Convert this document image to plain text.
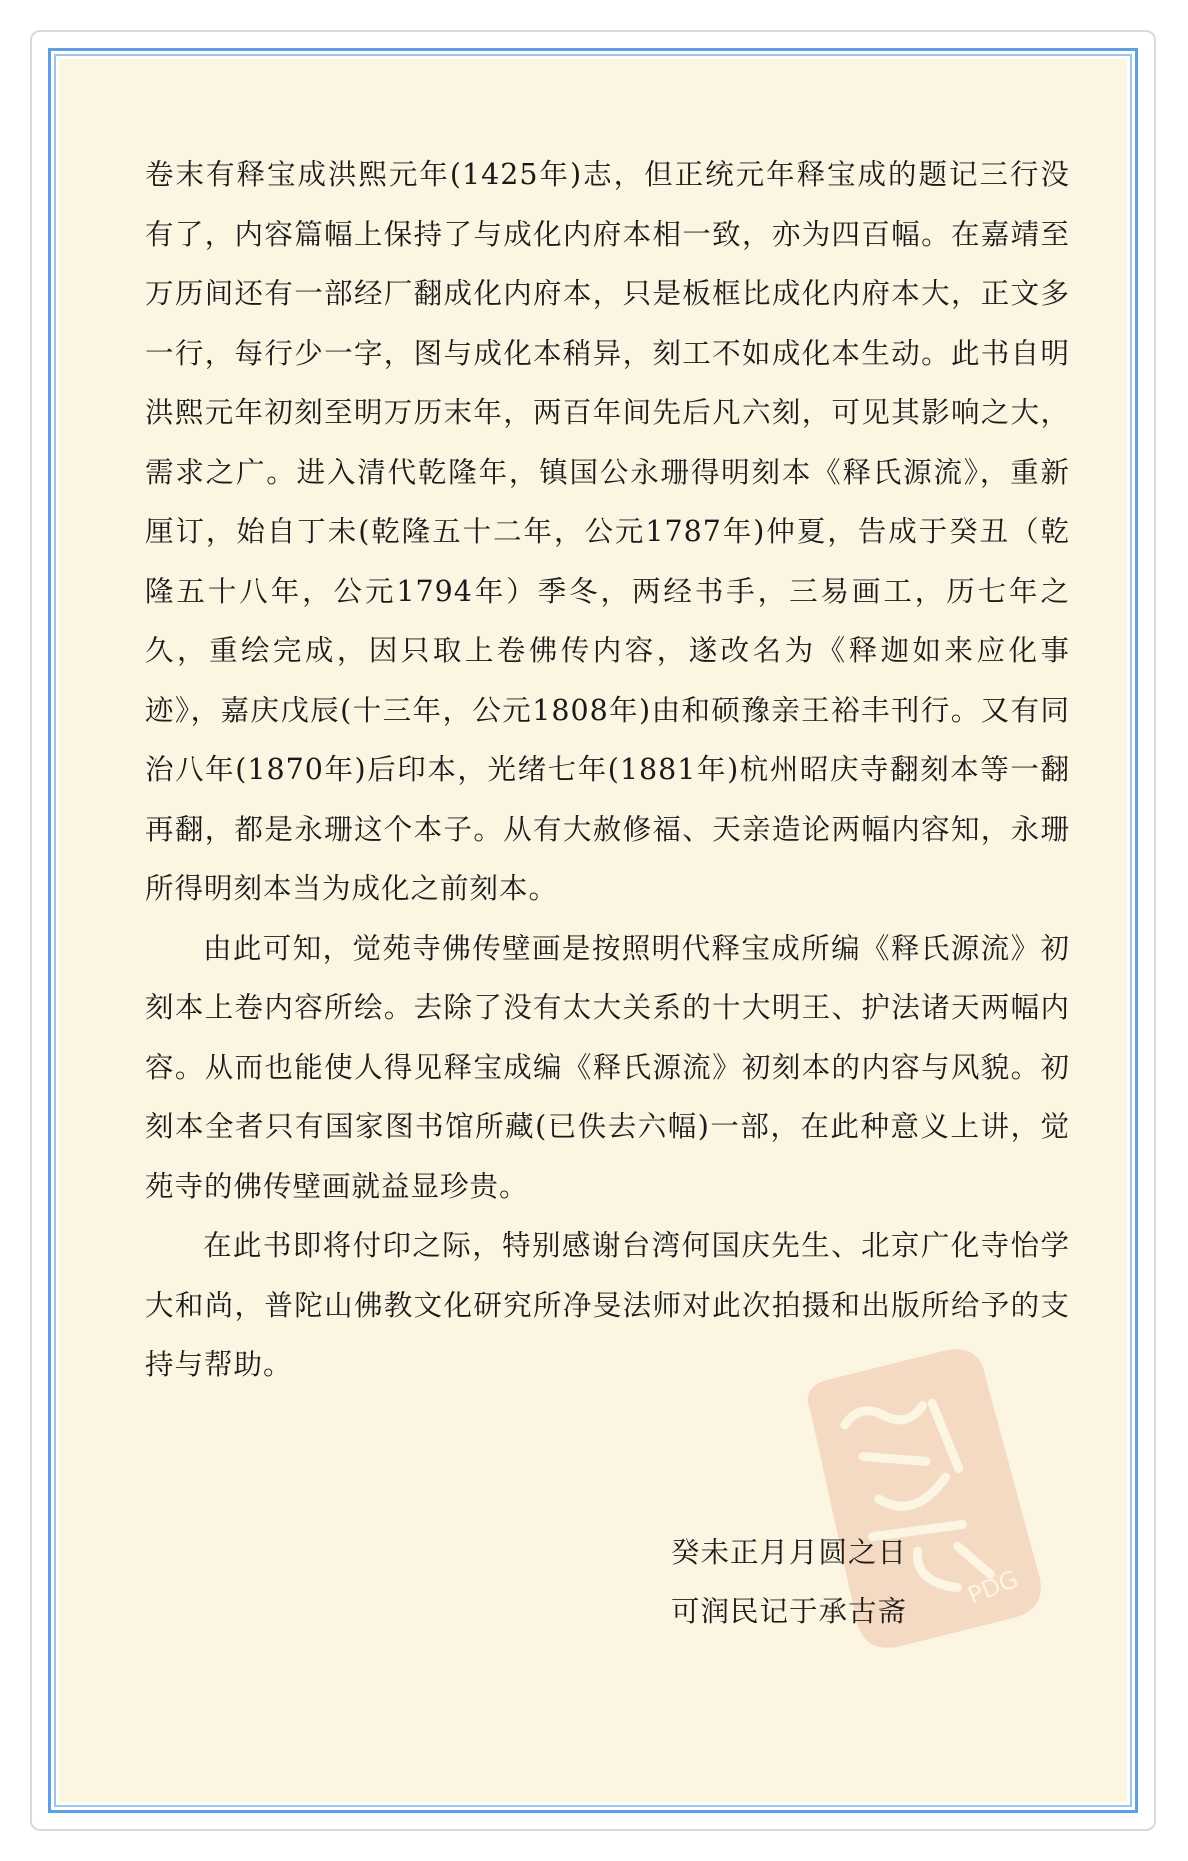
卷末有释宝成洪熙元年(1425年)志，但正统元年释宝成的题记三行没有了，内容篇幅上保持了与成化内府本相一致，亦为四百幅。在嘉靖至万历间还有一部经厂翻成化内府本，只是板框比成化内府本大，正文多一行，每行少一字，图与成化本稍异，刻工不如成化本生动。此书自明洪熙元年初刻至明万历末年，两百年间先后凡六刻，可见其影响之大，需求之广。进入清代乾隆年，镇国公永珊得明刻本《释氏源流》，重新厘订，始自丁未(乾隆五十二年，公元1787年)仲夏，告成于癸丑（乾隆五十八年，公元1794年）季冬，两经书手，三易画工，历七年之久，重绘完成，因只取上卷佛传内容，遂改名为《释迦如来应化事迹》，嘉庆戊辰(十三年，公元1808年)由和硕豫亲王裕丰刊行。又有同治八年(1870年)后印本，光绪七年(1881年)杭州昭庆寺翻刻本等一翻再翻，都是永珊这个本子。从有大赦修福、天亲造论两幅内容知，永珊所得明刻本当为成化之前刻本。

由此可知，觉苑寺佛传壁画是按照明代释宝成所编《释氏源流》初刻本上卷内容所绘。去除了没有太大关系的十大明王、护法诸天两幅内容。从而也能使人得见释宝成编《释氏源流》初刻本的内容与风貌。初刻本全者只有国家图书馆所藏(已佚去六幅)一部，在此种意义上讲，觉苑寺的佛传壁画就益显珍贵。

在此书即将付印之际，特别感谢台湾何国庆先生、北京广化寺怡学大和尚，普陀山佛教文化研究所净旻法师对此次拍摄和出版所给予的支持与帮助。

PDG
癸未正月月圆之日
可润民记于承古斋
